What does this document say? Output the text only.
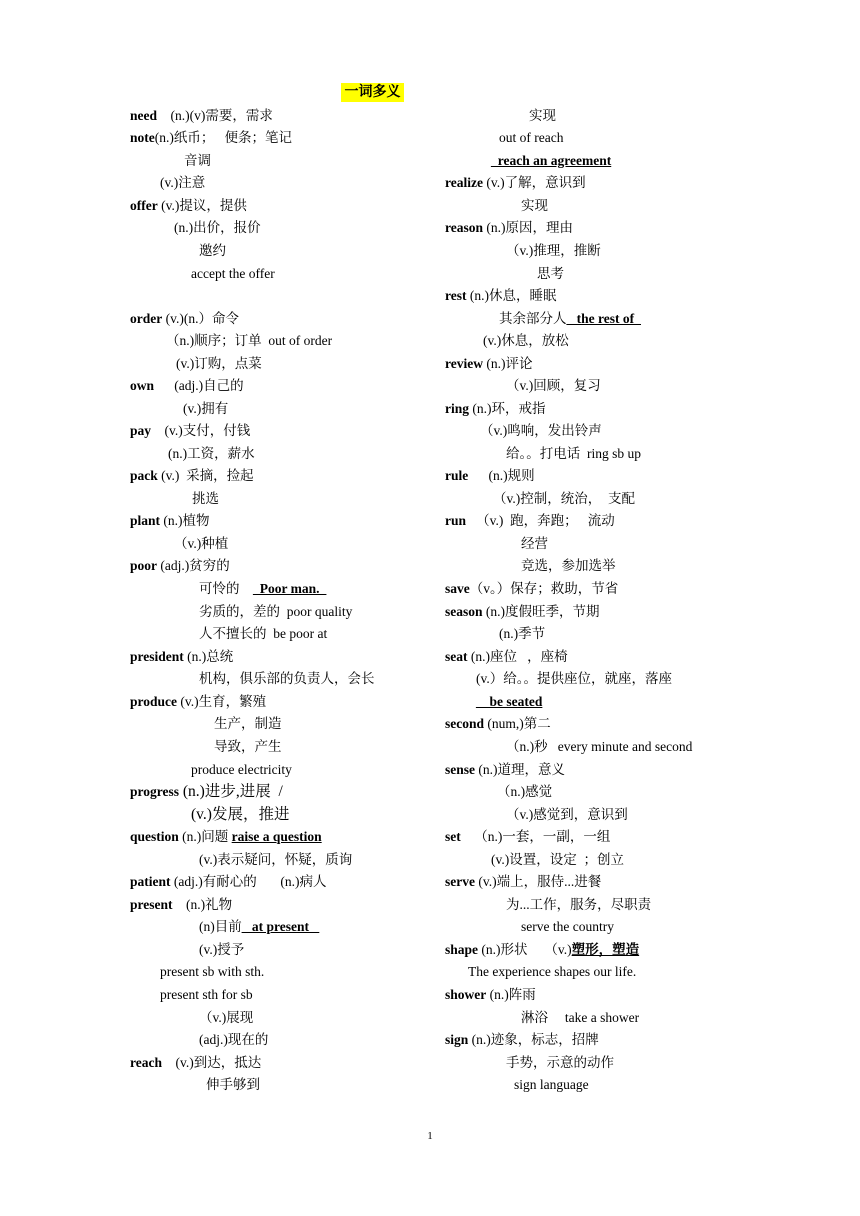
一词多义
need    (n.)(v)需要，需求
note(n.)纸币；   便条；笔记
音调
(v.)注意
offer (v.)提议，提供
(n.)出价，报价
邀约
accept the offer
order (v.)(n.）命令
（n.)顺序；订单  out of order
(v.)订购，点菜
own      (adj.)自己的
(v.)拥有
pay    (v.)支付，付钱
(n.)工资，薪水
pack (v.)  采摘，捡起
挑选
plant (n.)植物
（v.)种植
poor (adj.)贫穷的
可怜的    _Poor man._
劣质的，差的  poor quality
人不擅长的  be poor at
president (n.)总统
机构，俱乐部的负责人，会长
produce (v.)生育，繁殖
生产，制造
导致，产生
produce electricity
progress (n.)进步,进展  /
(v.)发展，推进
question (n.)问题 raise a question
(v.)表示疑问，怀疑，质询
patient (adj.)有耐心的       (n.)病人
present    (n.)礼物
(n)目前_ at present _
(v.)授予
present sb with sth.
present sth for sb
（v.)展现
(adj.)现在的
reach    (v.)到达，抵达
伸手够到
实现
out of reach
_reach an agreement
realize (v.)了解，意识到
实现
reason (n.)原因，理由
（v.)推理，推断
思考
rest (n.)休息，睡眠
其余部分人_ the rest of_
(v.)休息，放松
review (n.)评论
（v.)回顾，复习
ring (n.)环，戒指
（v.)鸣响，发出铃声
给。。打电话  ring sb up
rule      (n.)规则
（v.)控制，统治，  支配
run   （v.)  跑，奔跑；   流动
经营
竞选，参加选举
save（v。）保存；救助，节省
season (n.)度假旺季，节期
(n.)季节
seat (n.)座位   ，座椅
(v.）给。。提供座位，就座，落座
__be seated
second (num,)第二
（n.)秒   every minute and second
sense (n.)道理，意义
（n.)感觉
（v.)感觉到，意识到
set    （n.)一套，一副，一组
(v.)设置，设定  ；创立
serve (v.)端上，服侍...进餐
为...工作，服务，尽职责
serve the country
shape (n.)形状     （v.)塑形，塑造
The experience shapes our life.
shower (n.)阵雨
淋浴     take a shower
sign (n.)迹象，标志，招牌
手势，示意的动作
sign language
1
